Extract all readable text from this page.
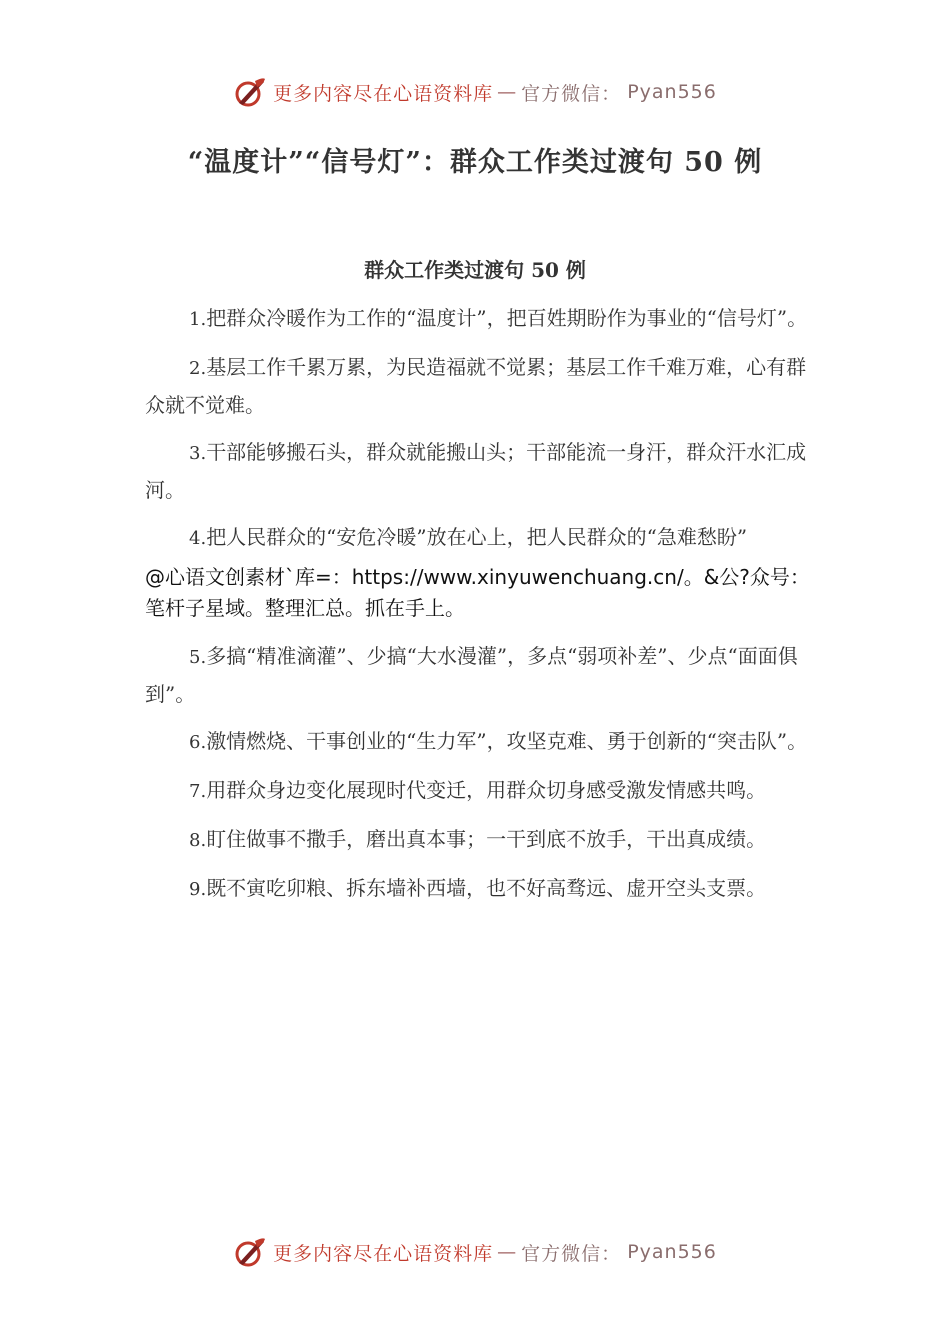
更多内容尽在心语资料库 — 官方微信： Pyan556
“温度计”“信号灯”：群众工作类过渡句 50 例
群众工作类过渡句 50 例

1.把群众冷暖作为工作的“温度计”，把百姓期盼作为事业的“信号灯”。

2.基层工作千累万累，为民造福就不觉累；基层工作千难万难，心有群众就不觉难。

3.干部能够搬石头，群众就能搬山头；干部能流一身汗，群众汗水汇成河。

4.把人民群众的“安危冷暖”放在心上，把人民群众的“急难愁盼”

@心语文创素材`库=：https://www.xinyuwenchuang.cn/。&公?众号：笔杆子星域。整理汇总。抓在手上。

5.多搞“精准滴灌”、少搞“大水漫灌”，多点“弱项补差”、少点“面面俱到”。

6.激情燃烧、干事创业的“生力军”，攻坚克难、勇于创新的“突击队”。

7.用群众身边变化展现时代变迁，用群众切身感受激发情感共鸣。

8.盯住做事不撒手，磨出真本事；一干到底不放手，干出真成绩。

9.既不寅吃卯粮、拆东墙补西墙，也不好高骛远、虚开空头支票。

更多内容尽在心语资料库 — 官方微信： Pyan556
